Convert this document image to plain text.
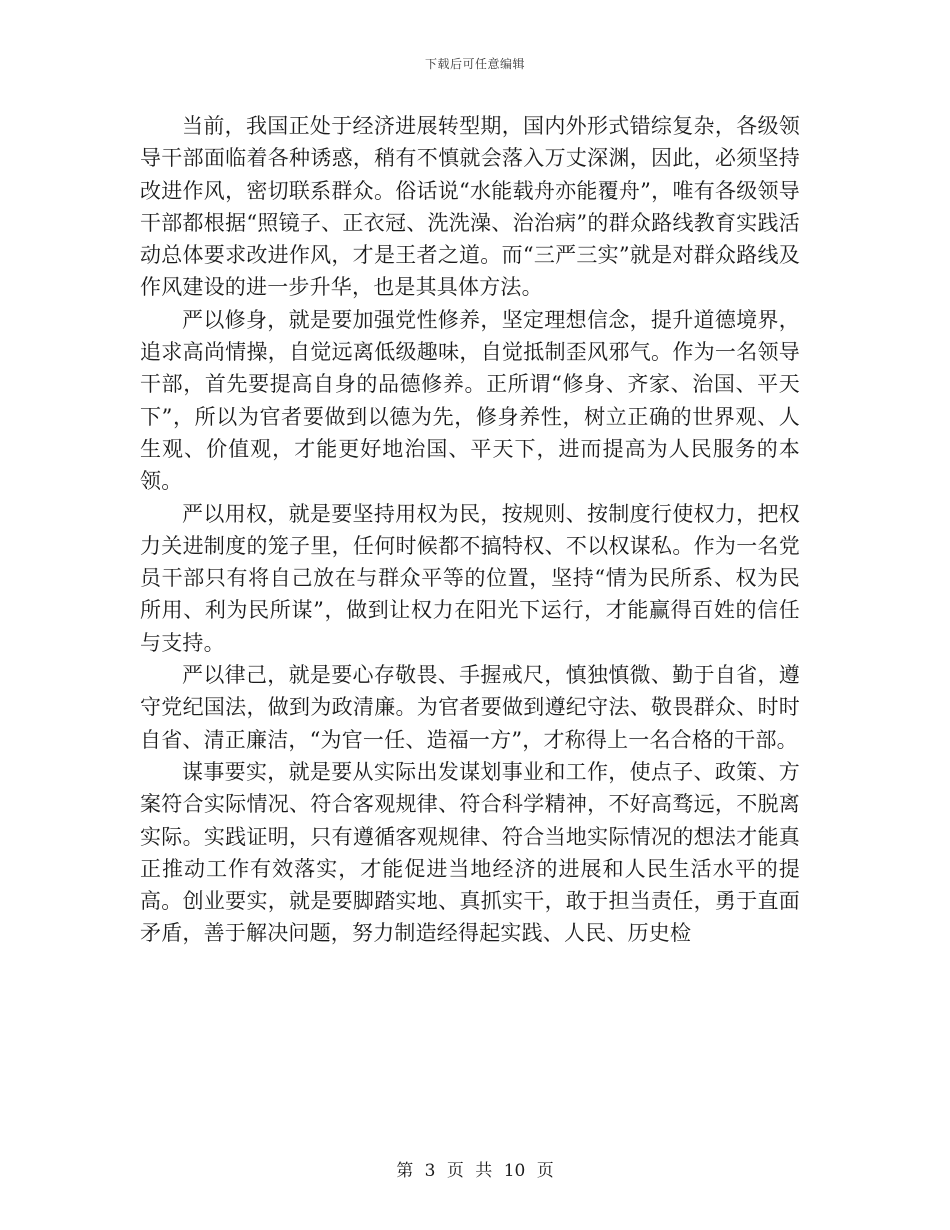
下载后可任意编辑

当前，我国正处于经济进展转型期，国内外形式错综复杂，各级领导干部面临着各种诱惑，稍有不慎就会落入万丈深渊，因此，必须坚持改进作风，密切联系群众。俗话说“水能载舟亦能覆舟”，唯有各级领导干部都根据“照镜子、正衣冠、洗洗澡、治治病”的群众路线教育实践活动总体要求改进作风，才是王者之道。而“三严三实”就是对群众路线及作风建设的进一步升华，也是其具体方法。

严以修身，就是要加强党性修养，坚定理想信念，提升道德境界，追求高尚情操，自觉远离低级趣味，自觉抵制歪风邪气。作为一名领导干部，首先要提高自身的品德修养。正所谓“修身、齐家、治国、平天下”，所以为官者要做到以德为先，修身养性，树立正确的世界观、人生观、价值观，才能更好地治国、平天下，进而提高为人民服务的本领。

严以用权，就是要坚持用权为民，按规则、按制度行使权力，把权力关进制度的笼子里，任何时候都不搞特权、不以权谋私。作为一名党员干部只有将自己放在与群众平等的位置，坚持“情为民所系、权为民所用、利为民所谋”，做到让权力在阳光下运行，才能赢得百姓的信任与支持。

严以律己，就是要心存敬畏、手握戒尺，慎独慎微、勤于自省，遵守党纪国法，做到为政清廉。为官者要做到遵纪守法、敬畏群众、时时自省、清正廉洁，“为官一任、造福一方”，才称得上一名合格的干部。

谋事要实，就是要从实际出发谋划事业和工作，使点子、政策、方案符合实际情况、符合客观规律、符合科学精神，不好高骛远，不脱离实际。实践证明，只有遵循客观规律、符合当地实际情况的想法才能真正推动工作有效落实，才能促进当地经济的进展和人民生活水平的提高。创业要实，就是要脚踏实地、真抓实干，敢于担当责任，勇于直面矛盾，善于解决问题，努力制造经得起实践、人民、历史检

第 3 页 共 10 页
